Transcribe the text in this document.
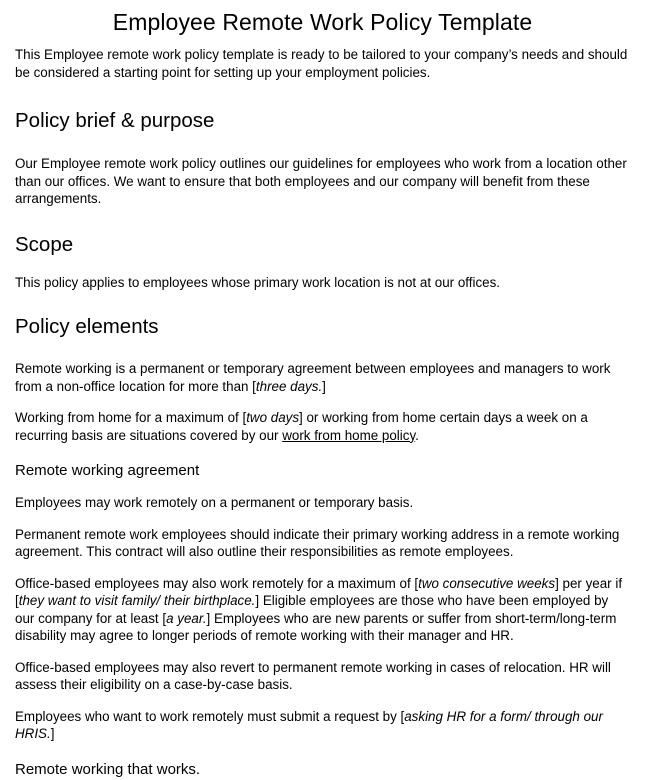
Employee Remote Work Policy Template

This Employee remote work policy template is ready to be tailored to your company’s needs and should be considered a starting point for setting up your employment policies.

Policy brief & purpose

Our Employee remote work policy outlines our guidelines for employees who work from a location other than our offices. We want to ensure that both employees and our company will benefit from these arrangements.

Scope

This policy applies to employees whose primary work location is not at our offices.

Policy elements

Remote working is a permanent or temporary agreement between employees and managers to work from a non-office location for more than [three days.]

Working from home for a maximum of [two days] or working from home certain days a week on a recurring basis are situations covered by our work from home policy.

Remote working agreement

Employees may work remotely on a permanent or temporary basis.

Permanent remote work employees should indicate their primary working address in a remote working agreement. This contract will also outline their responsibilities as remote employees.

Office-based employees may also work remotely for a maximum of [two consecutive weeks] per year if [they want to visit family/ their birthplace.] Eligible employees are those who have been employed by our company for at least [a year.] Employees who are new parents or suffer from short-term/long-term disability may agree to longer periods of remote working with their manager and HR.

Office-based employees may also revert to permanent remote working in cases of relocation. HR will assess their eligibility on a case-by-case basis.

Employees who want to work remotely must submit a request by [asking HR for a form/ through our HRIS.]

Remote working that works.
